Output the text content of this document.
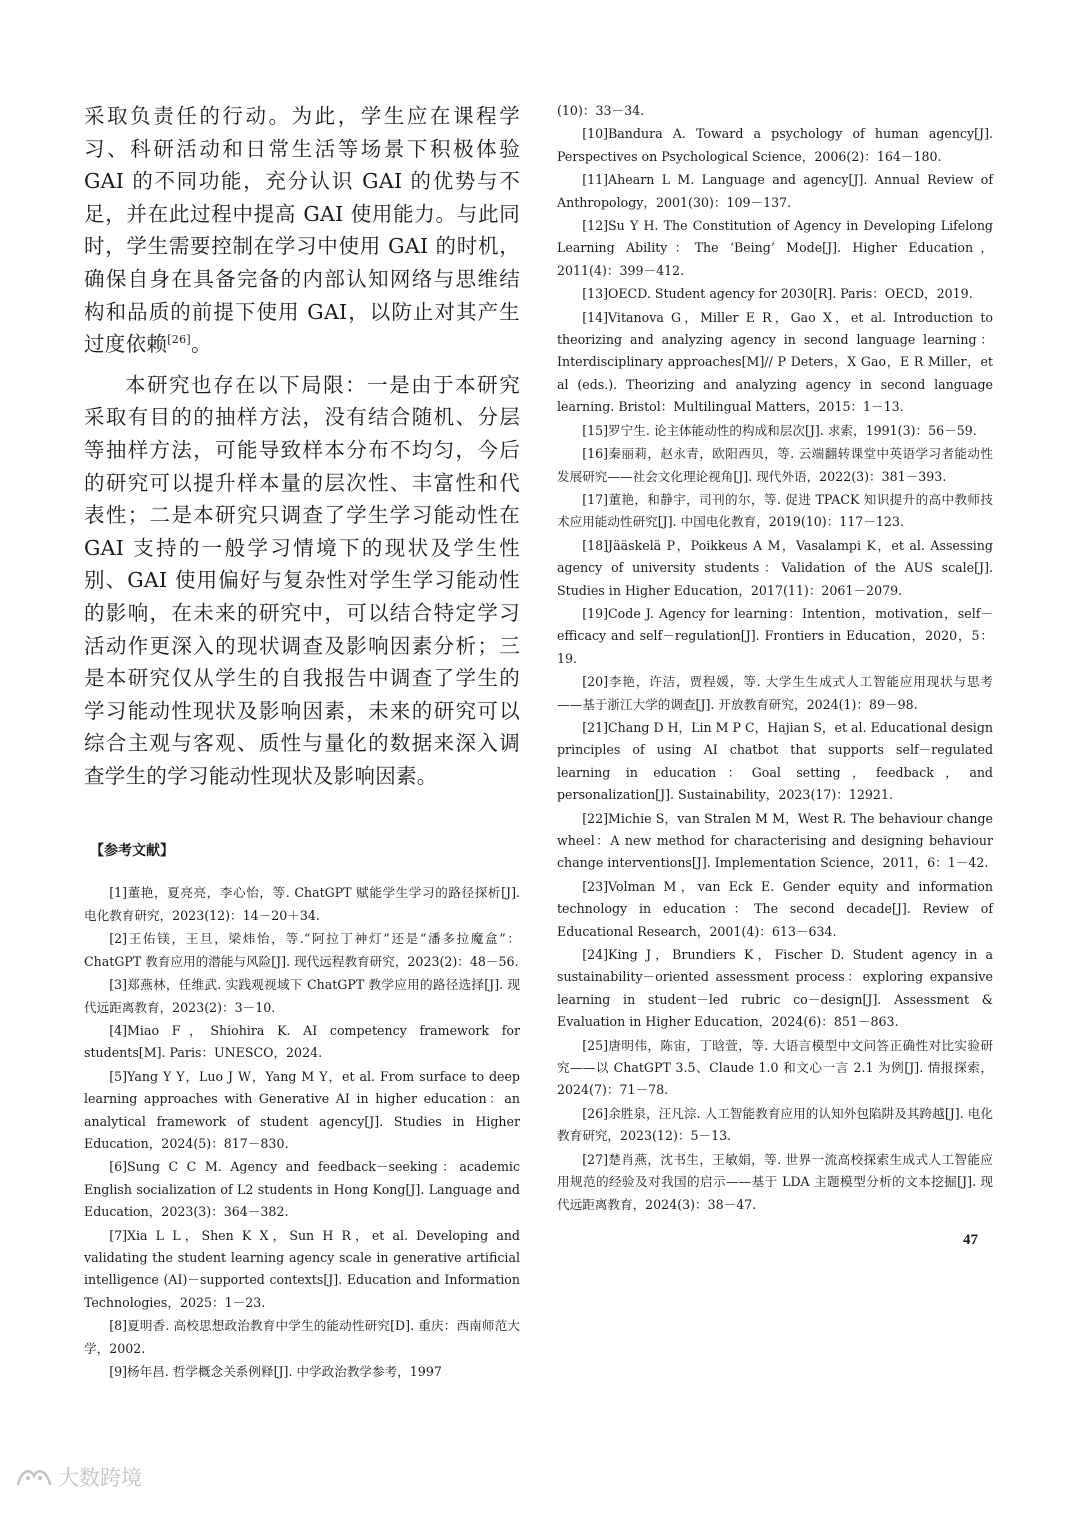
采取负责任的行动。为此，学生应在课程学习、科研活动和日常生活等场景下积极体验 GAI 的不同功能，充分认识 GAI 的优势与不足，并在此过程中提高 GAI 使用能力。与此同时，学生需要控制在学习中使用 GAI 的时机，确保自身在具备完备的内部认知网络与思维结构和品质的前提下使用 GAI，以防止对其产生过度依赖[26]。

本研究也存在以下局限：一是由于本研究采取有目的的抽样方法，没有结合随机、分层等抽样方法，可能导致样本分布不均匀，今后的研究可以提升样本量的层次性、丰富性和代表性；二是本研究只调查了学生学习能动性在 GAI 支持的一般学习情境下的现状及学生性别、GAI 使用偏好与复杂性对学生学习能动性的影响，在未来的研究中，可以结合特定学习活动作更深入的现状调查及影响因素分析；三是本研究仅从学生的自我报告中调查了学生的学习能动性现状及影响因素，未来的研究可以综合主观与客观、质性与量化的数据来深入调查学生的学习能动性现状及影响因素。

【参考文献】

[1]董艳，夏亮亮，李心怡，等. ChatGPT 赋能学生学习的路径探析[J]. 电化教育研究，2023(12)：14－20＋34.

[2]王佑镁，王旦，梁炜怡，等.“阿拉丁神灯”还是“潘多拉魔盒”：ChatGPT 教育应用的潜能与风险[J]. 现代远程教育研究，2023(2)：48－56.

[3]郑燕林，任维武. 实践观视域下 ChatGPT 教学应用的路径选择[J]. 现代远距离教育，2023(2)：3－10.

[4]Miao F，Shiohira K. AI competency framework for students[M]. Paris：UNESCO，2024.

[5]Yang Y Y，Luo J W，Yang M Y，et al. From surface to deep learning approaches with Generative AI in higher education：an analytical framework of student agency[J]. Studies in Higher Education，2024(5)：817－830.

[6]Sung C C M. Agency and feedback－seeking：academic English socialization of L2 students in Hong Kong[J]. Language and Education，2023(3)：364－382.

[7]Xia L L，Shen K X，Sun H R，et al. Developing and validating the student learning agency scale in generative artificial intelligence (AI)－supported contexts[J]. Education and Information Technologies，2025：1－23.

[8]夏明香. 高校思想政治教育中学生的能动性研究[D]. 重庆：西南师范大学，2002.

[9]杨年昌. 哲学概念关系例释[J]. 中学政治教学参考，1997

(10)：33－34.

[10]Bandura A. Toward a psychology of human agency[J]. Perspectives on Psychological Science，2006(2)：164－180.

[11]Ahearn L M. Language and agency[J]. Annual Review of Anthropology，2001(30)：109－137.

[12]Su Y H. The Constitution of Agency in Developing Lifelong Learning Ability：The ‘Being’ Mode[J]. Higher Education，2011(4)：399－412.

[13]OECD. Student agency for 2030[R]. Paris：OECD，2019.

[14]Vitanova G，Miller E R，Gao X，et al. Introduction to theorizing and analyzing agency in second language learning：Interdisciplinary approaches[M]// P Deters，X Gao，E R Miller，et al (eds.). Theorizing and analyzing agency in second language learning. Bristol：Multilingual Matters，2015：1－13.

[15]罗宁生. 论主体能动性的构成和层次[J]. 求索，1991(3)：56－59.

[16]秦丽莉，赵永青，欧阳西贝，等. 云端翻转课堂中英语学习者能动性发展研究——社会文化理论视角[J]. 现代外语，2022(3)：381－393.

[17]董艳，和静宇，司刊的尔，等. 促进 TPACK 知识提升的高中教师技术应用能动性研究[J]. 中国电化教育，2019(10)：117－123.

[18]Jääskelä P，Poikkeus A M，Vasalampi K，et al. Assessing agency of university students：Validation of the AUS scale[J]. Studies in Higher Education，2017(11)：2061－2079.

[19]Code J. Agency for learning：Intention，motivation，self－efficacy and self－regulation[J]. Frontiers in Education，2020，5：19.

[20]李艳，许洁，贾程媛，等. 大学生生成式人工智能应用现状与思考——基于浙江大学的调查[J]. 开放教育研究，2024(1)：89－98.

[21]Chang D H，Lin M P C，Hajian S，et al. Educational design principles of using AI chatbot that supports self－regulated learning in education：Goal setting，feedback，and personalization[J]. Sustainability，2023(17)：12921.

[22]Michie S，van Stralen M M，West R. The behaviour change wheel：A new method for characterising and designing behaviour change interventions[J]. Implementation Science，2011，6：1－42.

[23]Volman M，van Eck E. Gender equity and information technology in education：The second decade[J]. Review of Educational Research，2001(4)：613－634.

[24]King J，Brundiers K，Fischer D. Student agency in a sustainability－oriented assessment process：exploring expansive learning in student－led rubric co－design[J]. Assessment & Evaluation in Higher Education，2024(6)：851－863.

[25]唐明伟，陈宙，丁晗萱，等. 大语言模型中文问答正确性对比实验研究——以 ChatGPT 3.5、Claude 1.0 和文心一言 2.1 为例[J]. 情报探索，2024(7)：71－78.

[26]余胜泉，汪凡淙. 人工智能教育应用的认知外包陷阱及其跨越[J]. 电化教育研究，2023(12)：5－13.

[27]楚肖燕，沈书生，王敏娟，等. 世界一流高校探索生成式人工智能应用规范的经验及对我国的启示——基于 LDA 主题模型分析的文本挖掘[J]. 现代远距离教育，2024(3)：38－47.

47
大数跨境
